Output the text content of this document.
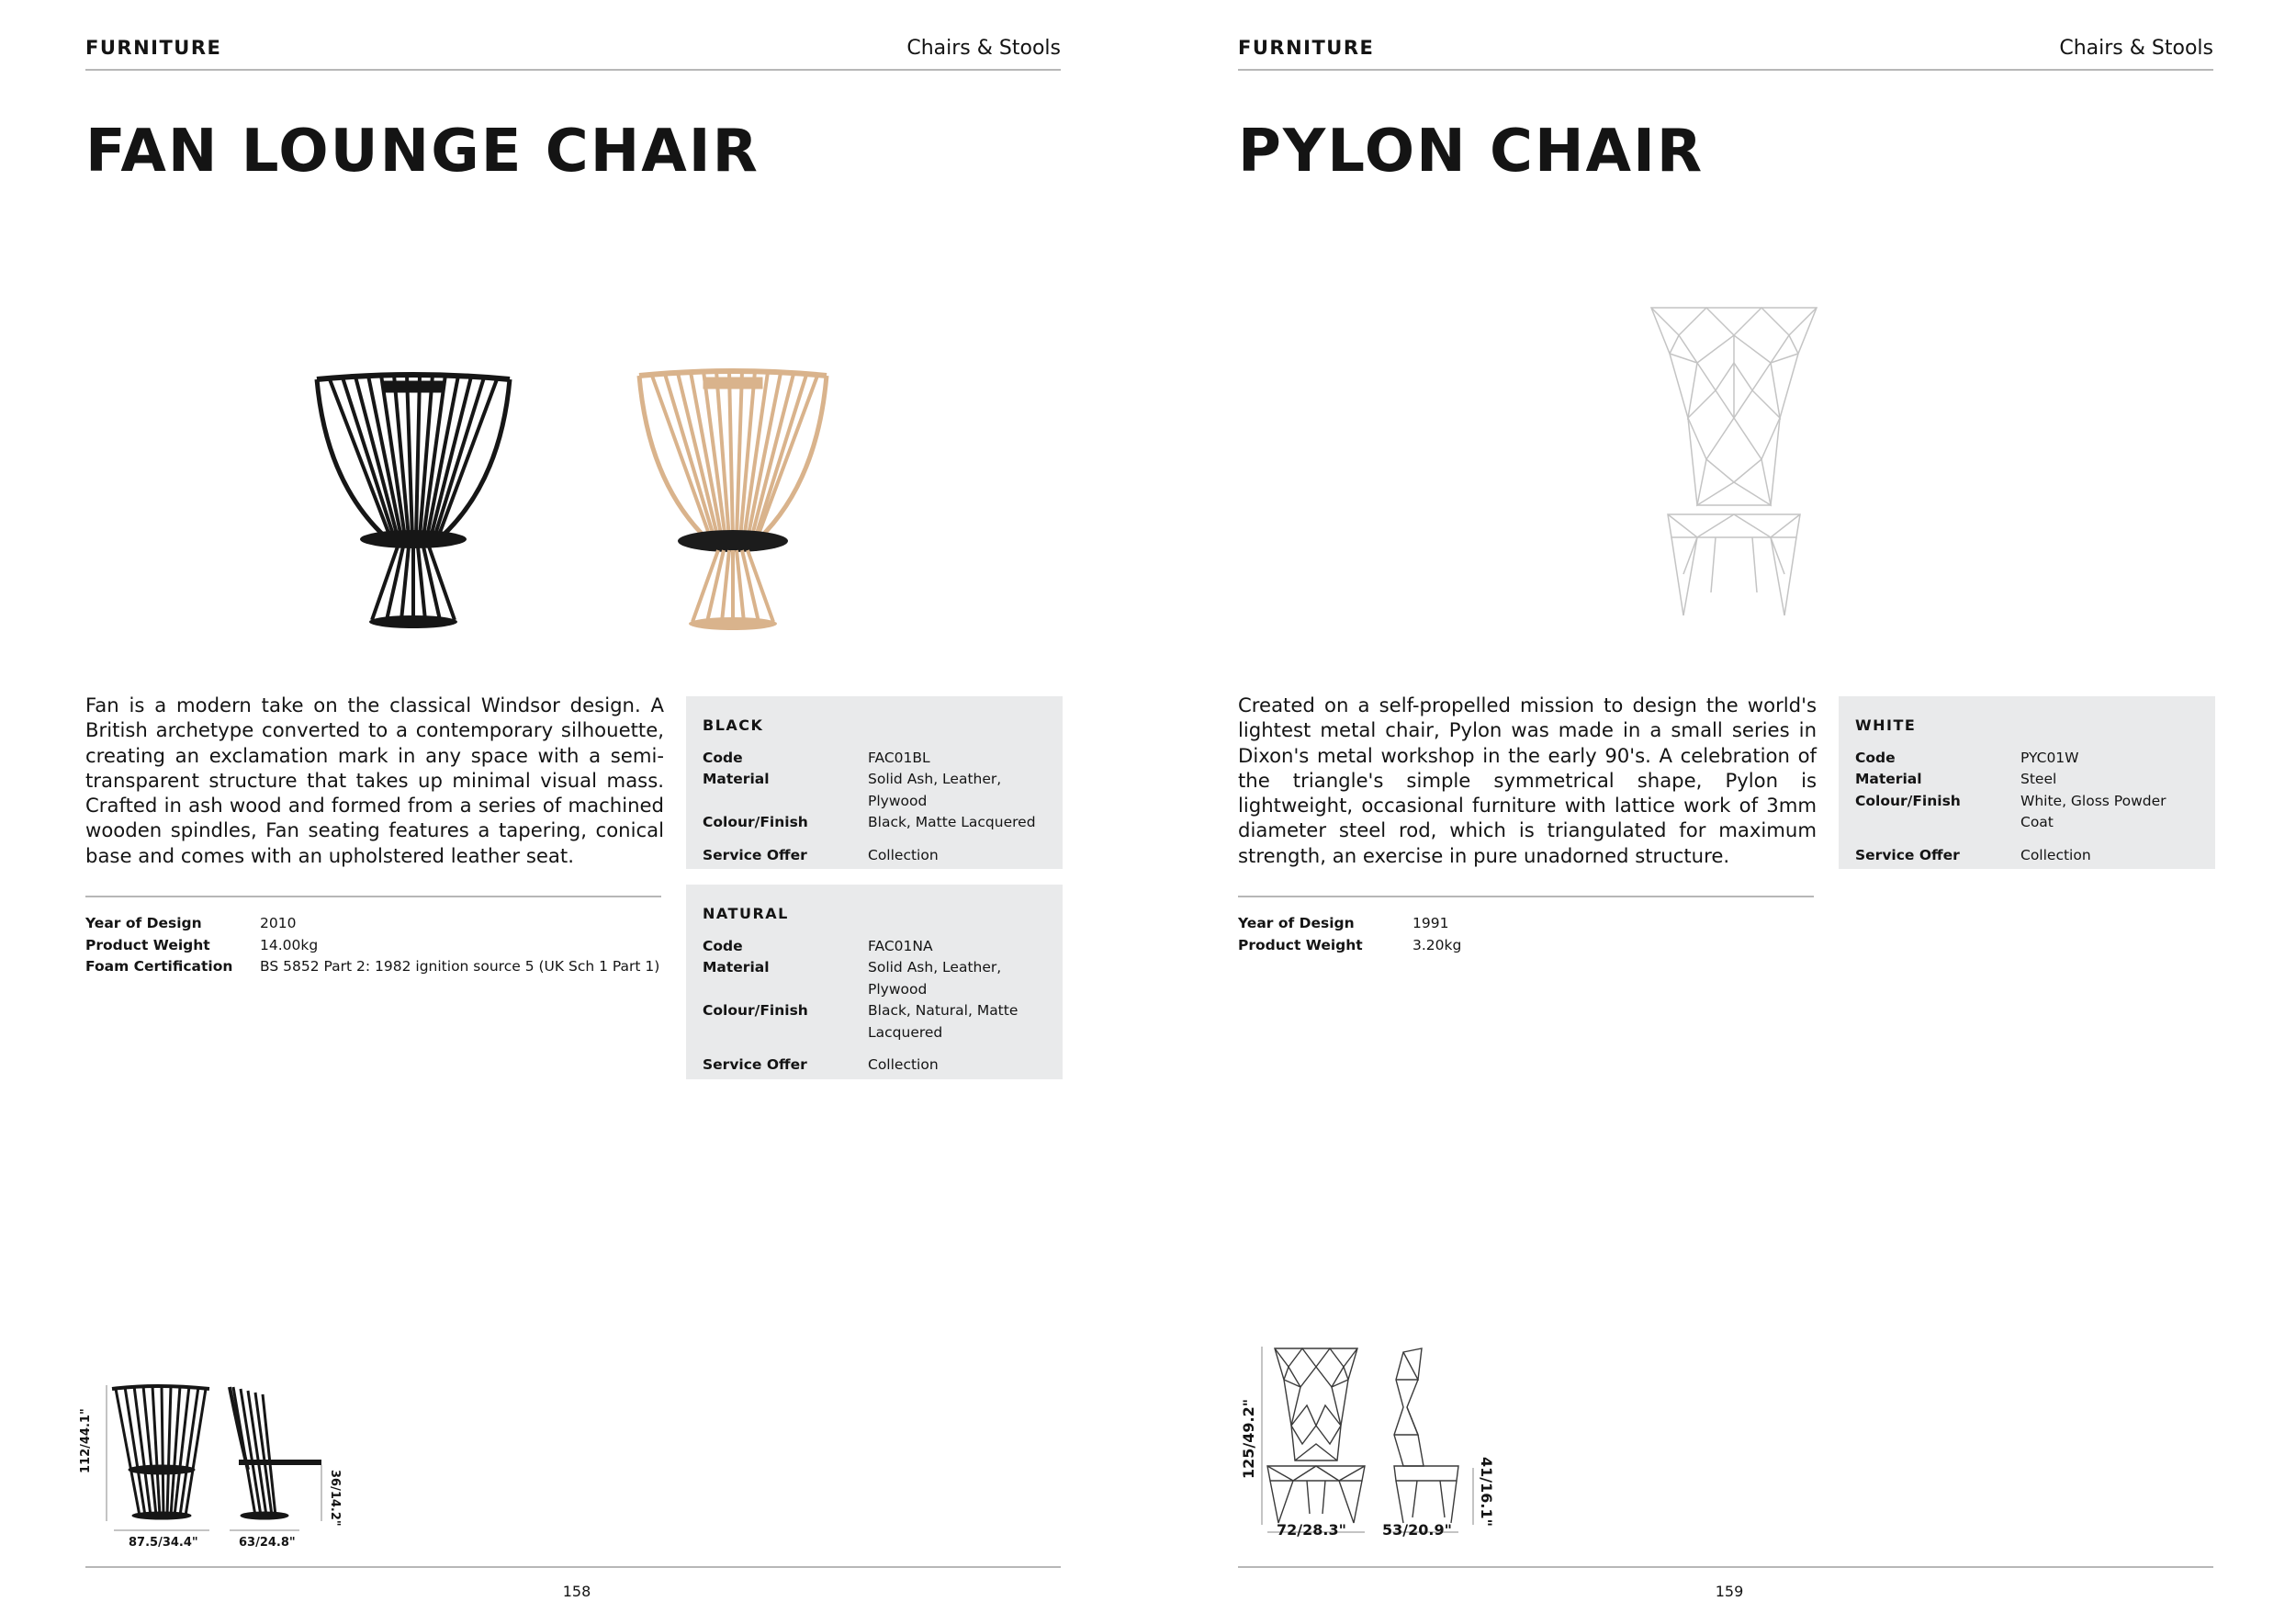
FURNITURE	Chairs & Stools
FAN LOUNGE CHAIR
Fan is a modern take on the classical Windsor design. A British archetype converted to a contemporary silhouette, creating an exclamation mark in any space with a semi-transparent structure that takes up minimal visual mass. Crafted in ash wood and formed from a series of machined wooden spindles, Fan seating features a tapering, conical base and comes with an upholstered leather seat.
Year of Design	2010
Product Weight	14.00kg
Foam Certification	BS 5852 Part 2: 1982 ignition source 5 (UK Sch 1 Part 1)
BLACK
Code	FAC01BL
Material	Solid Ash, Leather, Plywood
Colour/Finish	Black, Matte Lacquered
Service Offer	Collection
NATURAL
Code	FAC01NA
Material	Solid Ash, Leather, Plywood
Colour/Finish	Black, Natural, Matte Lacquered
Service Offer	Collection
112/44.1"
36/14.2"
87.5/34.4"	63/24.8"
158
FURNITURE	Chairs & Stools
PYLON CHAIR
Created on a self-propelled mission to design the world's lightest metal chair, Pylon was made in a small series in Dixon's metal workshop in the early 90's. A celebration of the triangle's simple symmetrical shape, Pylon is lightweight, occasional furniture with lattice work of 3mm diameter steel rod, which is triangulated for maximum strength, an exercise in pure unadorned structure.
Year of Design	1991
Product Weight	3.20kg
WHITE
Code	PYC01W
Material	Steel
Colour/Finish	White, Gloss Powder Coat
Service Offer	Collection
125/49.2"
41/16.1"
72/28.3" 53/20.9"
159
